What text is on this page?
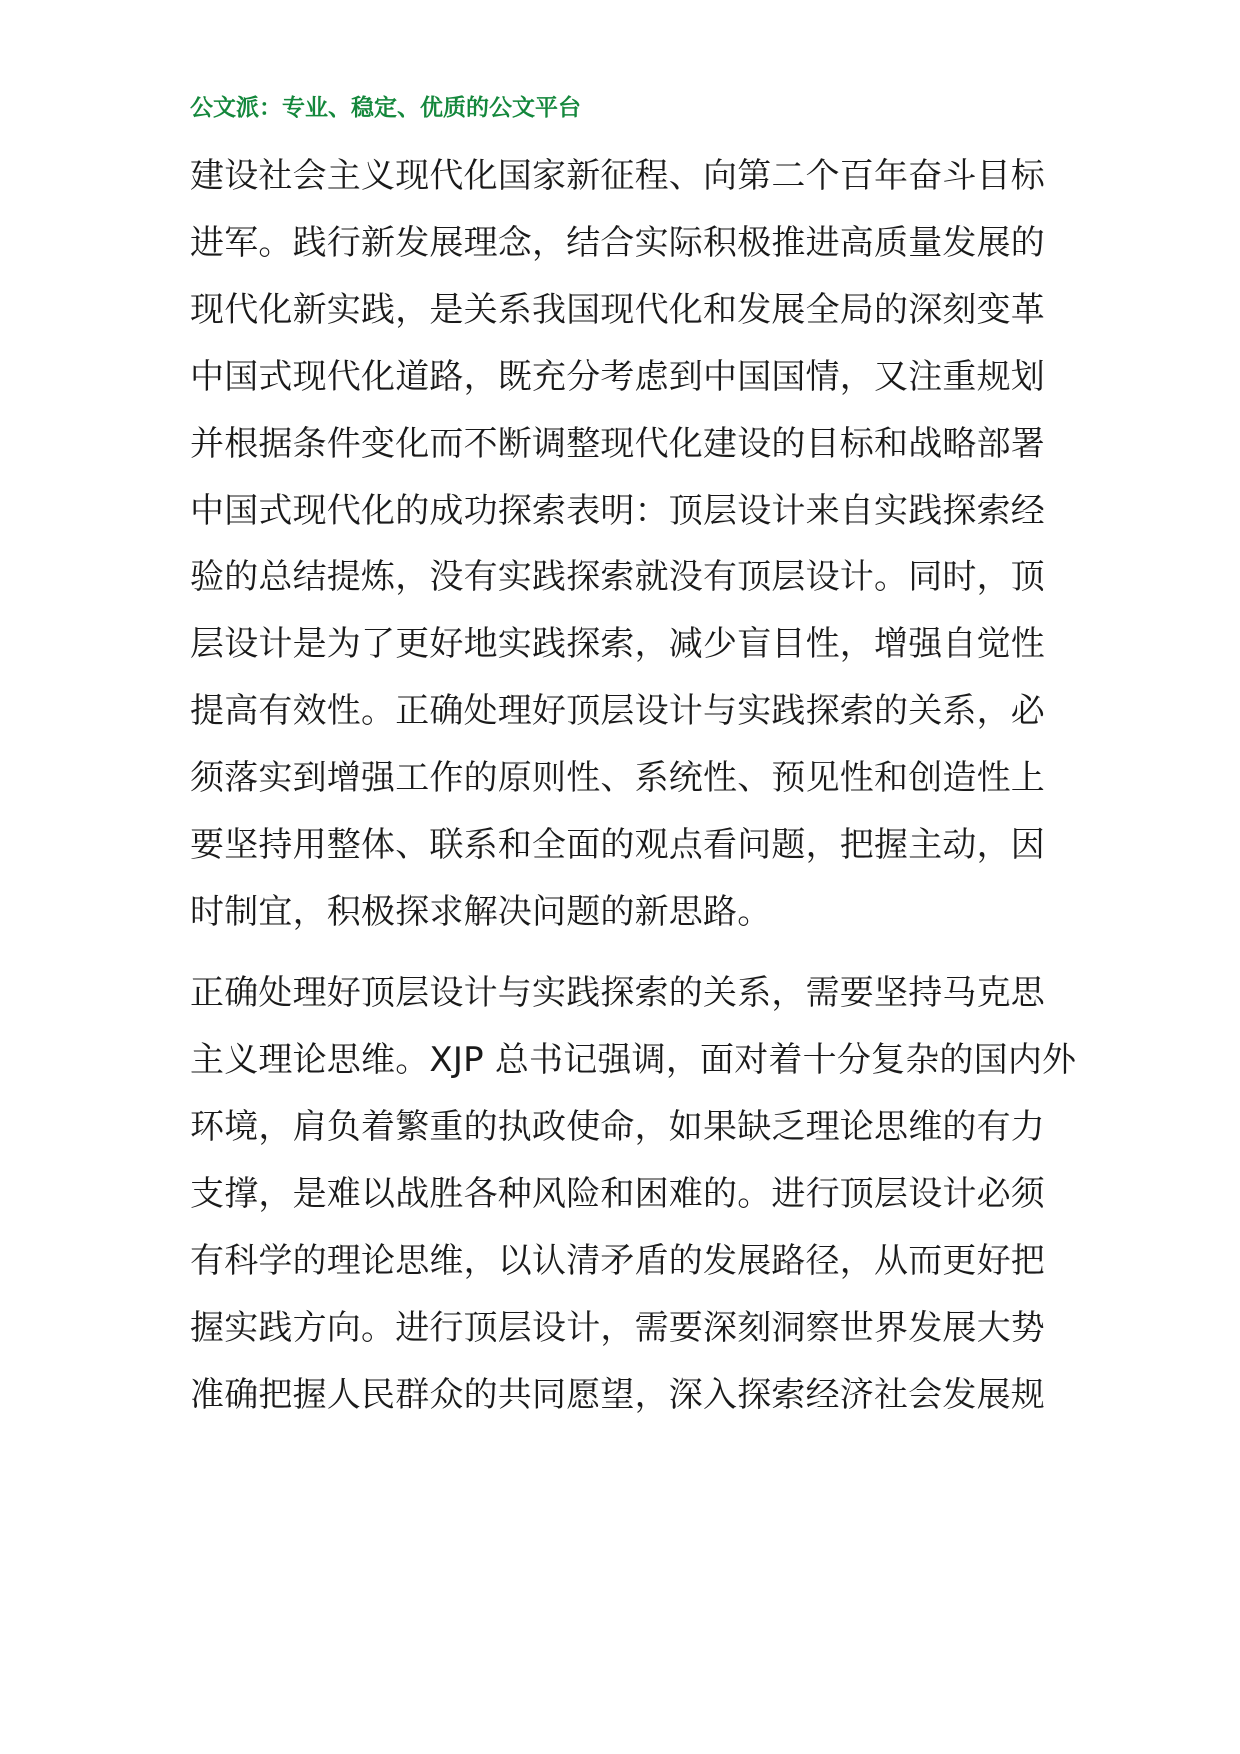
公文派：专业、稳定、优质的公文平台
建设社会主义现代化国家新征程、向第二个百年奋斗目标
进军。践行新发展理念，结合实际积极推进高质量发展的
现代化新实践，是关系我国现代化和发展全局的深刻变革
中国式现代化道路，既充分考虑到中国国情，又注重规划
并根据条件变化而不断调整现代化建设的目标和战略部署
中国式现代化的成功探索表明：顶层设计来自实践探索经
验的总结提炼，没有实践探索就没有顶层设计。同时，顶
层设计是为了更好地实践探索，减少盲目性，增强自觉性
提高有效性。正确处理好顶层设计与实践探索的关系，必
须落实到增强工作的原则性、系统性、预见性和创造性上
要坚持用整体、联系和全面的观点看问题，把握主动，因
时制宜，积极探求解决问题的新思路。
正确处理好顶层设计与实践探索的关系，需要坚持马克思
主义理论思维。XJP 总书记强调，面对着十分复杂的国内外
环境，肩负着繁重的执政使命，如果缺乏理论思维的有力
支撑，是难以战胜各种风险和困难的。进行顶层设计必须
有科学的理论思维，以认清矛盾的发展路径，从而更好把
握实践方向。进行顶层设计，需要深刻洞察世界发展大势
准确把握人民群众的共同愿望，深入探索经济社会发展规
